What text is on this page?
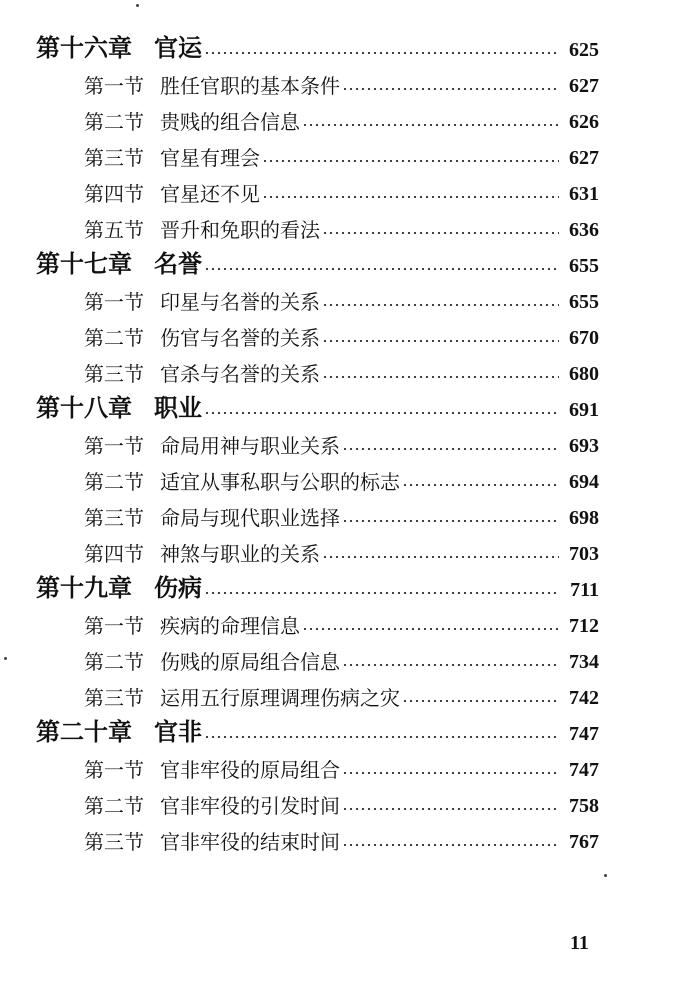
第十六章 官运	625
第一节 胜任官职的基本条件	627
第二节 贵贱的组合信息	626
第三节 官星有理会	627
第四节 官星还不见	631
第五节 晋升和免职的看法	636
第十七章 名誉	655
第一节 印星与名誉的关系	655
第二节 伤官与名誉的关系	670
第三节 官杀与名誉的关系	680
第十八章 职业	691
第一节 命局用神与职业关系	693
第二节 适宜从事私职与公职的标志	694
第三节 命局与现代职业选择	698
第四节 神煞与职业的关系	703
第十九章 伤病	711
第一节 疾病的命理信息	712
第二节 伤贱的原局组合信息	734
第三节 运用五行原理调理伤病之灾	742
第二十章 官非	747
第一节 官非牢役的原局组合	747
第二节 官非牢役的引发时间	758
第三节 官非牢役的结束时间	767
11
